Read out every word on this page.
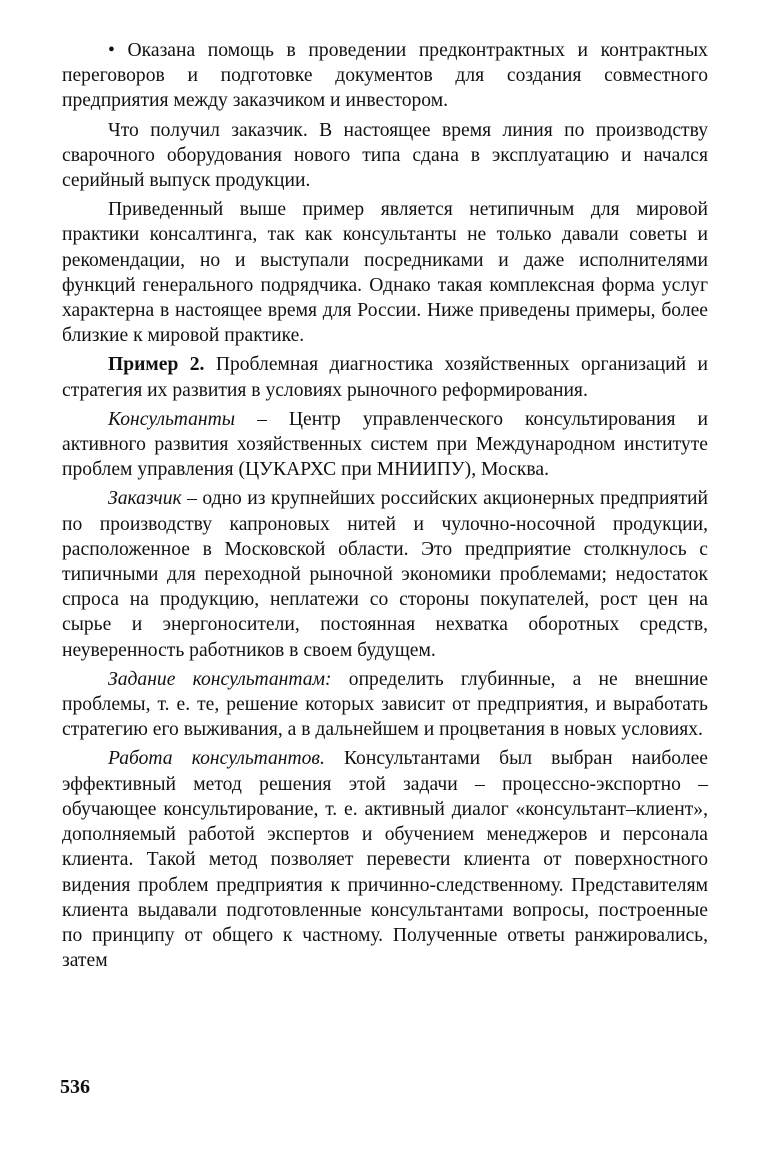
• Оказана помощь в проведении предконтрактных и контрактных переговоров и подготовке документов для создания совместного предприятия между заказчиком и инвестором.

Что получил заказчик. В настоящее время линия по производству сварочного оборудования нового типа сдана в эксплуатацию и начался серийный выпуск продукции.

Приведенный выше пример является нетипичным для мировой практики консалтинга, так как консультанты не только давали советы и рекомендации, но и выступали посредниками и даже исполнителями функций генерального подрядчика. Однако такая комплексная форма услуг характерна в настоящее время для России. Ниже приведены примеры, более близкие к мировой практике.

Пример 2. Проблемная диагностика хозяйственных организаций и стратегия их развития в условиях рыночного реформирования.

Консультанты – Центр управленческого консультирования и активного развития хозяйственных систем при Международном институте проблем управления (ЦУКАРХС при МНИИПУ), Москва.

Заказчик – одно из крупнейших российских акционерных предприятий по производству капроновых нитей и чулочно-носочной продукции, расположенное в Московской области. Это предприятие столкнулось с типичными для переходной рыночной экономики проблемами; недостаток спроса на продукцию, неплатежи со стороны покупателей, рост цен на сырье и энергоносители, постоянная нехватка оборотных средств, неуверенность работников в своем будущем.

Задание консультантам: определить глубинные, а не внешние проблемы, т. е. те, решение которых зависит от предприятия, и выработать стратегию его выживания, а в дальнейшем и процветания в новых условиях.

Работа консультантов. Консультантами был выбран наиболее эффективный метод решения этой задачи – процессно-экспортно – обучающее консультирование, т. е. активный диалог «консультант–клиент», дополняемый работой экспертов и обучением менеджеров и персонала клиента. Такой метод позволяет перевести клиента от поверхностного видения проблем предприятия к причинно-следственному. Представителям клиента выдавали подготовленные консультантами вопросы, построенные по принципу от общего к частному. Полученные ответы ранжировались, затем

536
